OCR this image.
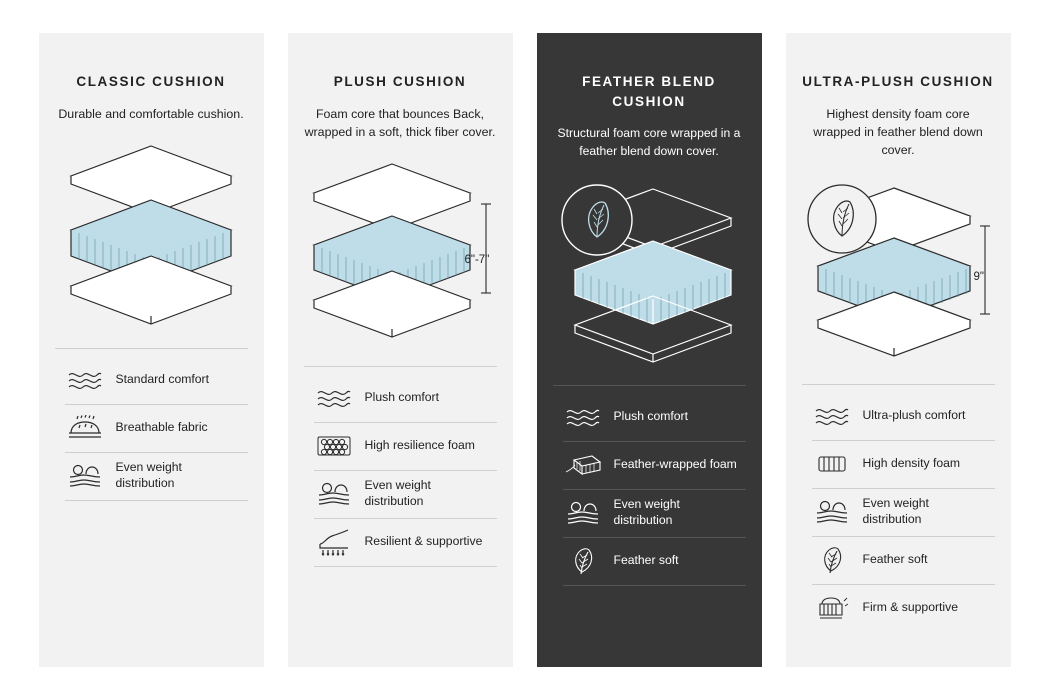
CLASSIC CUSHION
Durable and comfortable cushion.
Standard comfort
Breathable fabric
Even weight distribution
PLUSH CUSHION
Foam core that bounces Back, wrapped in a soft, thick fiber cover.
6"-7"
Plush comfort
High resilience foam
Even weight distribution
Resilient & supportive
FEATHER BLEND CUSHION
Structural foam core wrapped in a feather blend down cover.
Plush comfort
Feather-wrapped foam
Even weight distribution
Feather soft
ULTRA-PLUSH CUSHION
Highest density foam core wrapped in feather blend down cover.
9"
Ultra-plush comfort
High density foam
Even weight distribution
Feather soft
Firm & supportive
